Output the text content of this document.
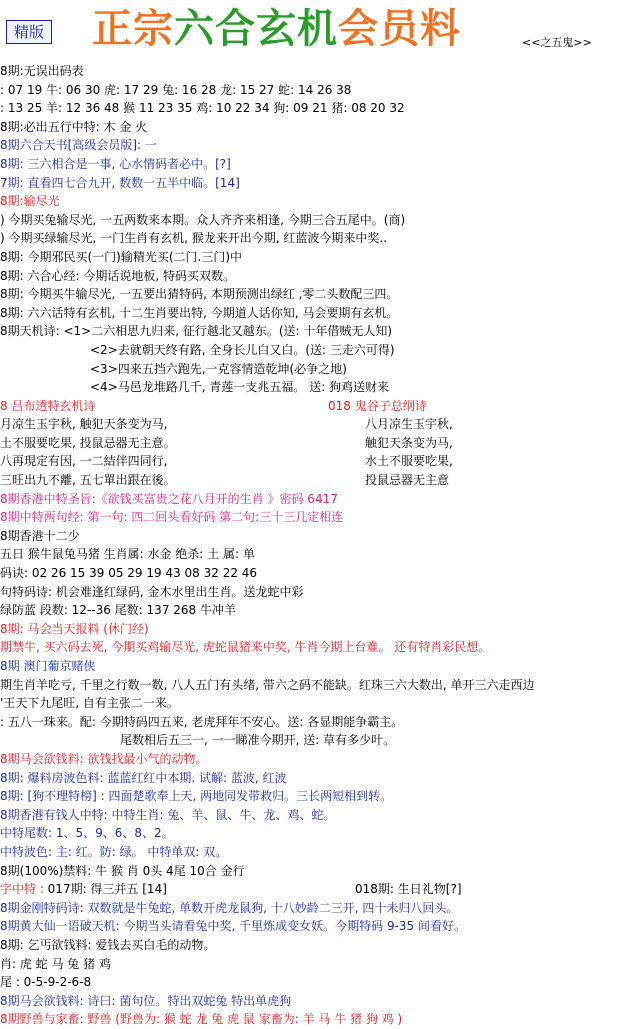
精版 正宗六合玄机会员料	<<之五鬼>>
8期:无误出码表
: 07 19 牛: 06 30 虎: 17 29 兔: 16 28 龙: 15 27 蛇: 14 26 38
: 13 25 羊: 12 36 48 猴 11 23 35 鸡: 10 22 34 狗: 09 21 猪: 08 20 32
8期:必出五行中特: 木 金 火
8期六合天书[高级会员版]: 一
8期: 三六相合是一事, 心水情码者必中。[?]
7期: 直看四七合九开, 数数一五半中临。[14]
8期:输尽光
) 今期买兔输尽光, 一五两数来本期。众人齐齐来相逢, 今期三合五尾中。(商)
) 今期买绿输尽光, 一门生肖有玄机, 猴龙来开出今期, 红蓝波今期来中奖..
8期: 今期邪民买(一门)输精光买(二门.三门)中
8期: 六合心经: 今期话说地板, 特码买双数。
8期: 今期买牛输尽光, 一五要出猜特码, 本期预测出绿红 ,零二头数配三四。
8期: 六六话特有玄机, 十二生肖要出特, 今期道人话你知, 马会要期有玄机。
8期天机诗: <1>二六相思九归来, 征行越北又越东。(送: 十年借贼无人知)
<2>去就朝天终有路, 全身长儿白又白。(送: 三走六可得)
<3>四来五挡六跑先,一克容情造乾坤(必争之地)
<4>马邑龙堆路几千, 青莲一支兆五福。 送: 狗鸡送财来
8 吕布透特玄机诗	018 鬼谷子总纲诗
月凉生玉宇秋, 触犯天条变为马,	八月凉生玉宇秋,
土不服要吃果, 投鼠忌器无主意。	触犯天条变为马,
八再現定有因, 一二結伴四同行,	水土不服要吃果,
三旺出九不離, 五七單出跟在後。	投鼠忌器无主意
8期香港中特圣旨:《欲钱买富贵之花八月开的生肖 》密码 6417
8期中特两句经: 第一句: 四二回头看好码 第二句:三十三几定相连
8期香港十二少
五日 猴牛鼠兔马猪 生肖属: 水金 绝杀: 土 属: 单
码诀: 02 26 15 39 05 29 19 43 08 32 22 46
句特码诗: 机会难逢红绿码, 金木水里出生肖。送龙蛇中彩
绿防蓝 段数: 12--36 尾数: 137 268 牛冲羊
8期: 马会当天报料 (休门经)
期禁牛, 买六码去死, 今期买鸡输尽光, 虎蛇鼠猪来中奖, 牛肖今期上台难。 还有特肖彩民想。
8期 澳门葡京赌侠
期生肖羊吃亏, 千里之行数一数, 八人五门有头绪, 带六之码不能缺。红珠三六大数出, 单开三六走西边
'王天下九尾旺, 自有主张二一来。
: 五八一珠来。配: 今期特码四五来, 老虎拜年不安心。送: 各显期能争霸主。
尾数相后五三一, 一一睇准今期开, 送: 草有多少叶。
8期马会欲钱料: 欲钱找最小气的动物。
8期: 爆料房波色料: 蓝蓝红红中本期. 试解: 蓝波, 红波
8期: [狗不理特榜] : 四面楚歌奉上天, 两地同发带救归。三长两短相到转。
8期香港有钱人中特: 中特生肖: 兔、羊、鼠、牛、龙、鸡、蛇。
中特尾数: 1、5、9、6、8、2。
中特波色: 主: 红。防: 绿。 中特单双: 双。
8期(100%)禁料: 牛 猴 肖 0头 4尾 10合 金行
字中特 : 017期: 得三并五 [14]	018期: 生日礼物[?]
8期金刚特码诗: 双数就是牛兔蛇, 单数开虎龙鼠狗, 十八妙龄二三开, 四十未归八回头。
8期黄大仙一语破天机: 今期当头请看兔中奖, 千里炼成变女妖。今期特码 9-35 间看好。
8期: 乞丐欲钱料: 爱钱去买白毛的动物。
肖: 虎 蛇 马 兔 猪 鸡
尾 : 0-5-9-2-6-8
8期马会欲钱料: 诗曰: 菌句位。特出双蛇兔 特出单虎狗
8期野兽与家畜: 野兽 (野兽为: 猴 蛇 龙 兔 虎 鼠 家畜为: 羊 马 牛 猪 狗 鸡 )
